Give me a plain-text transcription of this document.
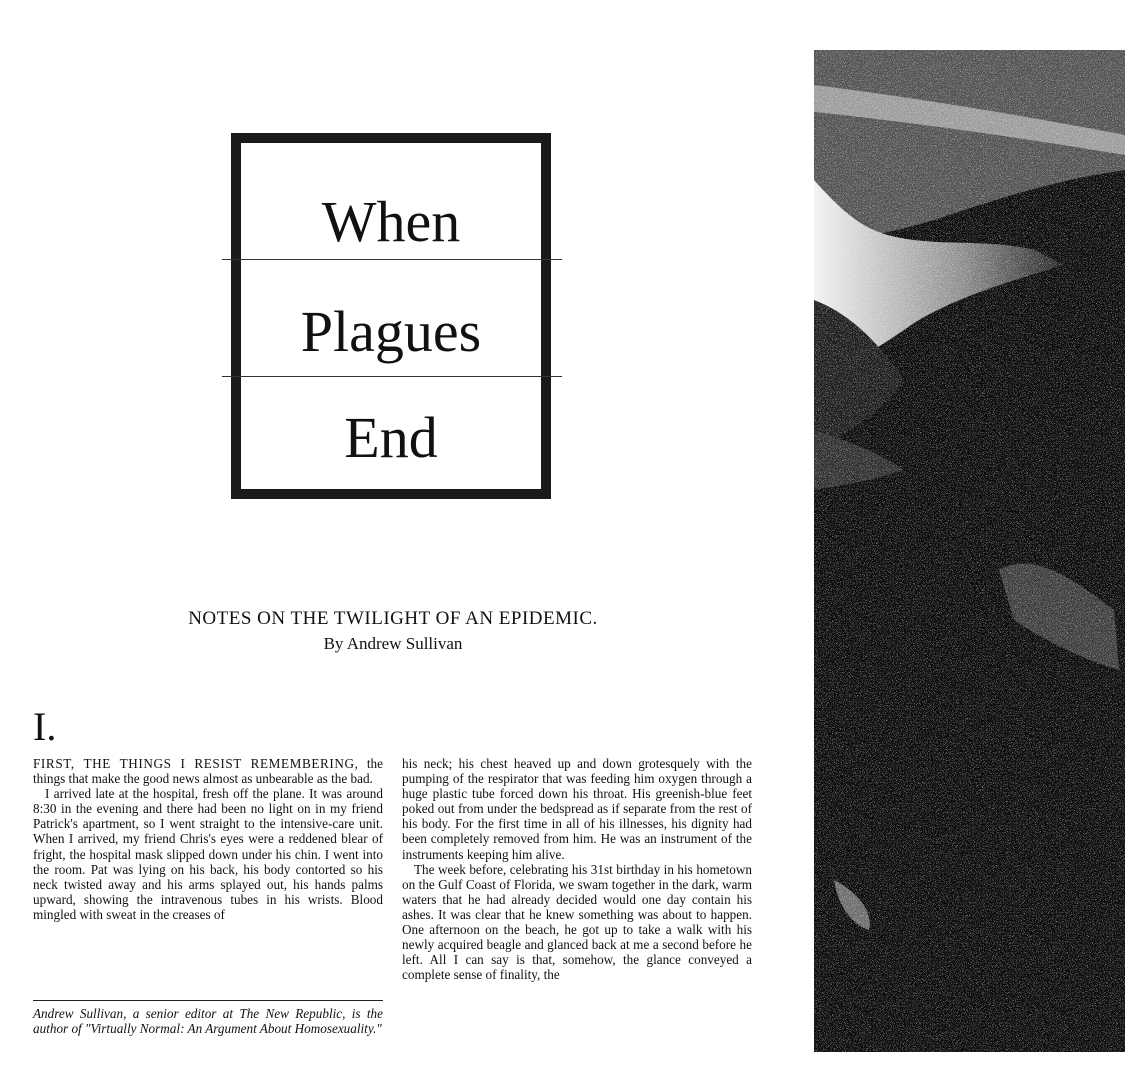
When
Plagues
End
NOTES ON THE TWILIGHT OF AN EPIDEMIC.
By Andrew Sullivan
I.

FIRST, THE THINGS I RESIST REMEMBERING, the things that make the good news almost as unbearable as the bad.

I arrived late at the hospital, fresh off the plane. It was around 8:30 in the evening and there had been no light on in my friend Patrick's apartment, so I went straight to the intensive-care unit. When I arrived, my friend Chris's eyes were a reddened blear of fright, the hospital mask slipped down under his chin. I went into the room. Pat was lying on his back, his body contorted so his neck twisted away and his arms splayed out, his hands palms upward, showing the intravenous tubes in his wrists. Blood mingled with sweat in the creases of

his neck; his chest heaved up and down grotesquely with the pumping of the respirator that was feeding him oxygen through a huge plastic tube forced down his throat. His greenish-blue feet poked out from under the bedspread as if separate from the rest of his body. For the first time in all of his illnesses, his dignity had been completely removed from him. He was an instrument of the instruments keeping him alive.

The week before, celebrating his 31st birthday in his hometown on the Gulf Coast of Florida, we swam together in the dark, warm waters that he had already decided would one day contain his ashes. It was clear that he knew something was about to happen. One afternoon on the beach, he got up to take a walk with his newly acquired beagle and glanced back at me a second before he left. All I can say is that, somehow, the glance conveyed a complete sense of finality, the

Andrew Sullivan, a senior editor at The New Republic, is the author of "Virtually Normal: An Argument About Homosexuality."
